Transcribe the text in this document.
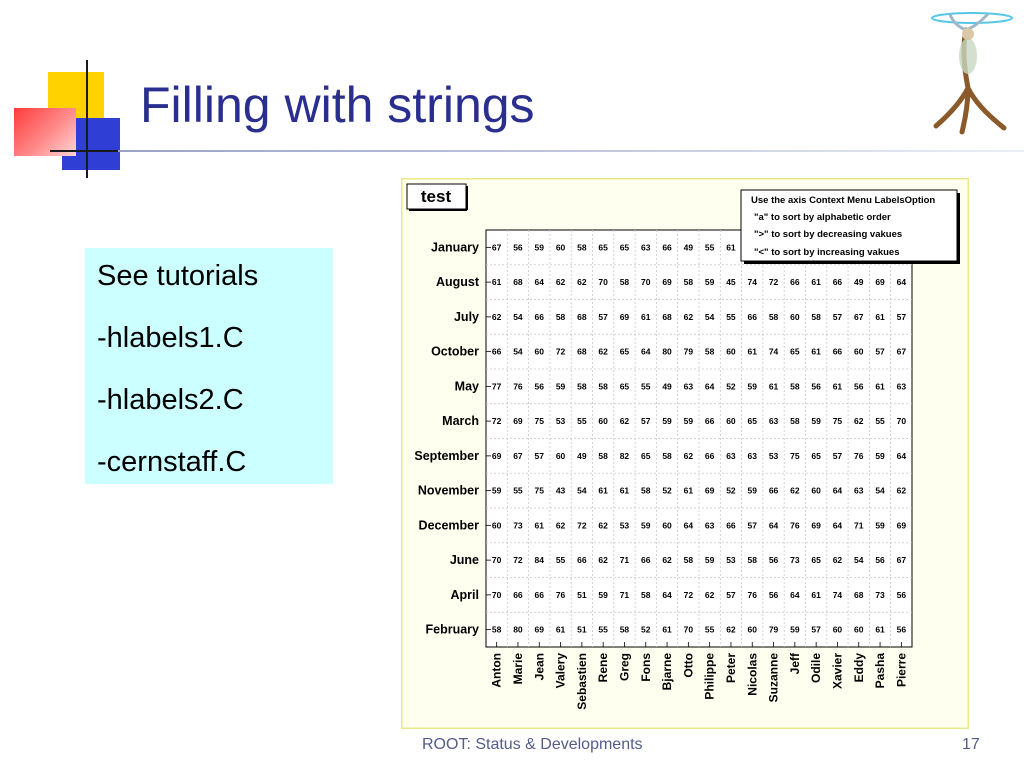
Filling with strings
See tutorials
-hlabels1.C
-hlabels2.C
-cernstaff.C
January
August
July
October
May
March
September
November
December
June
April
February
Anton Marie Jean Valery Sebastien Rene Greg Fons Bjarne Otto Philippe Peter Nicolas Suzanne Jeff Odile Xavier Eddy Pasha Pierre
67 56 59 60 58 65 65 63 66 49 55 61
61 68 64 62 62 70 58 70 69 58 59 45 74 72 66 61 66 49 69 64
62 54 66 58 68 57 69 61 68 62 54 55 66 58 60 58 57 67 61 57
66 54 60 72 68 62 65 64 80 79 58 60 61 74 65 61 66 60 57 67
77 76 56 59 58 58 65 55 49 63 64 52 59 61 58 56 61 56 61 63
72 69 75 53 55 60 62 57 59 59 66 60 65 63 58 59 75 62 55 70
69 67 57 60 49 58 82 65 58 62 66 63 63 53 75 65 57 76 59 64
59 55 75 43 54 61 61 58 52 61 69 52 59 66 62 60 64 63 54 62
60 73 61 62 72 62 53 59 60 64 63 66 57 64 76 69 64 71 59 69
70 72 84 55 66 62 71 66 62 58 59 53 58 56 73 65 62 54 56 67
70 66 66 76 51 59 71 58 64 72 62 57 76 56 64 61 74 68 73 56
58 80 69 61 51 55 58 52 61 70 55 62 60 79 59 57 60 60 61 56
test	Use the axis Context Menu LabelsOption
"a" to sort by alphabetic order
">" to sort by decreasing vakues
"<" to sort by increasing vakues
ROOT: Status & Developments	17
